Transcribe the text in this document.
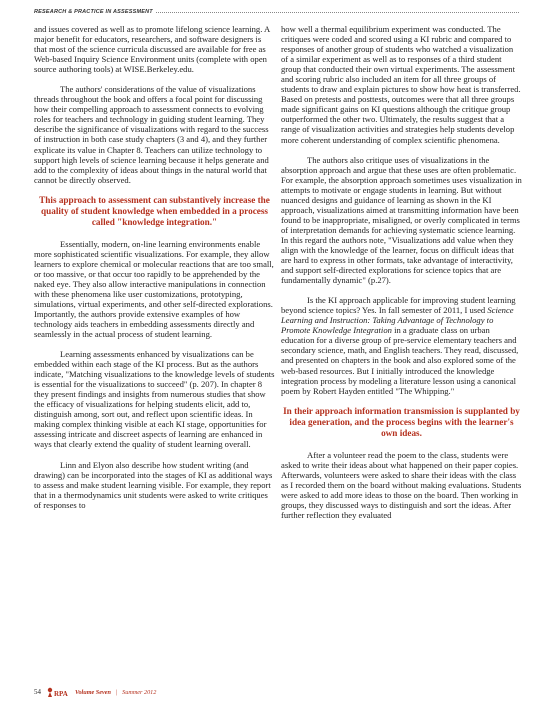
RESEARCH & PRACTICE IN ASSESSMENT

and issues covered as well as to promote lifelong science learning. A major benefit for educators, researchers, and software designers is that most of the science curricula discussed are available for free as Web-based Inquiry Science Environment units (complete with open source authoring tools) at WISE.Berkeley.edu.

The authors' considerations of the value of visualizations threads throughout the book and offers a focal point for discussing how their compelling approach to assessment connects to evolving roles for teachers and technology in guiding student learning. They describe the significance of visualizations with regard to the success of instruction in both case study chapters (3 and 4), and they further explicate its value in Chapter 8. Teachers can utilize technology to support high levels of science learning because it helps generate and add to the complexity of ideas about things in the natural world that cannot be directly observed.

This approach to assessment can substantively increase the quality of student knowledge when embedded in a process called "knowledge integration."

Essentially, modern, on-line learning environments enable more sophisticated scientific visualizations. For example, they allow learners to explore chemical or molecular reactions that are too small, or too massive, or that occur too rapidly to be apprehended by the naked eye. They also allow interactive manipulations in connection with these phenomena like user customizations, prototyping, simulations, virtual experiments, and other self-directed explorations. Importantly, the authors provide extensive examples of how technology aids teachers in embedding assessments directly and seamlessly in the actual process of student learning.

Learning assessments enhanced by visualizations can be embedded within each stage of the KI process. But as the authors indicate, "Matching visualizations to the knowledge levels of students is essential for the visualizations to succeed" (p. 207). In chapter 8 they present findings and insights from numerous studies that show the efficacy of visualizations for helping students elicit, add to, distinguish among, sort out, and reflect upon scientific ideas. In making complex thinking visible at each KI stage, opportunities for assessing intricate and discreet aspects of learning are enhanced in ways that clearly extend the quality of student learning overall.

Linn and Elyon also describe how student writing (and drawing) can be incorporated into the stages of KI as additional ways to assess and make student learning visible. For example, they report that in a thermodynamics unit students were asked to write critiques of responses to

how well a thermal equilibrium experiment was conducted. The critiques were coded and scored using a KI rubric and compared to responses of another group of students who watched a visualization of a similar experiment as well as to responses of a third student group that conducted their own virtual experiments. The assessment and scoring rubric also included an item for all three groups of students to draw and explain pictures to show how heat is transferred. Based on pretests and posttests, outcomes were that all three groups made significant gains on KI questions although the critique group outperformed the other two. Ultimately, the results suggest that a range of visualization activities and strategies help students develop more coherent understanding of complex scientific phenomena.

The authors also critique uses of visualizations in the absorption approach and argue that these uses are often problematic. For example, the absorption approach sometimes uses visualization in attempts to motivate or engage students in learning. But without nuanced designs and guidance of learning as shown in the KI approach, visualizations aimed at transmitting information have been found to be inappropriate, misaligned, or overly complicated in terms of interpretation demands for achieving systematic science learning. In this regard the authors note, "Visualizations add value when they align with the knowledge of the learner, focus on difficult ideas that are hard to express in other formats, take advantage of interactivity, and support self-directed explorations for science topics that are fundamentally dynamic" (p.27).

Is the KI approach applicable for improving student learning beyond science topics? Yes. In fall semester of 2011, I used Science Learning and Instruction: Taking Advantage of Technology to Promote Knowledge Integration in a graduate class on urban education for a diverse group of pre-service elementary teachers and secondary science, math, and English teachers. They read, discussed, and presented on chapters in the book and also explored some of the web-based resources. But I initially introduced the knowledge integration process by modeling a literature lesson using a canonical poem by Robert Hayden entitled "The Whipping."

In their approach information transmission is supplanted by idea generation, and the process begins with the learner's own ideas.

After a volunteer read the poem to the class, students were asked to write their ideas about what happened on their paper copies. Afterwards, volunteers were asked to share their ideas with the class as I recorded them on the board without making evaluations. Students were asked to add more ideas to those on the board. Then working in groups, they discussed ways to distinguish and sort the ideas. After further reflection they evaluated

54 RPA Volume Seven | Summer 2012
